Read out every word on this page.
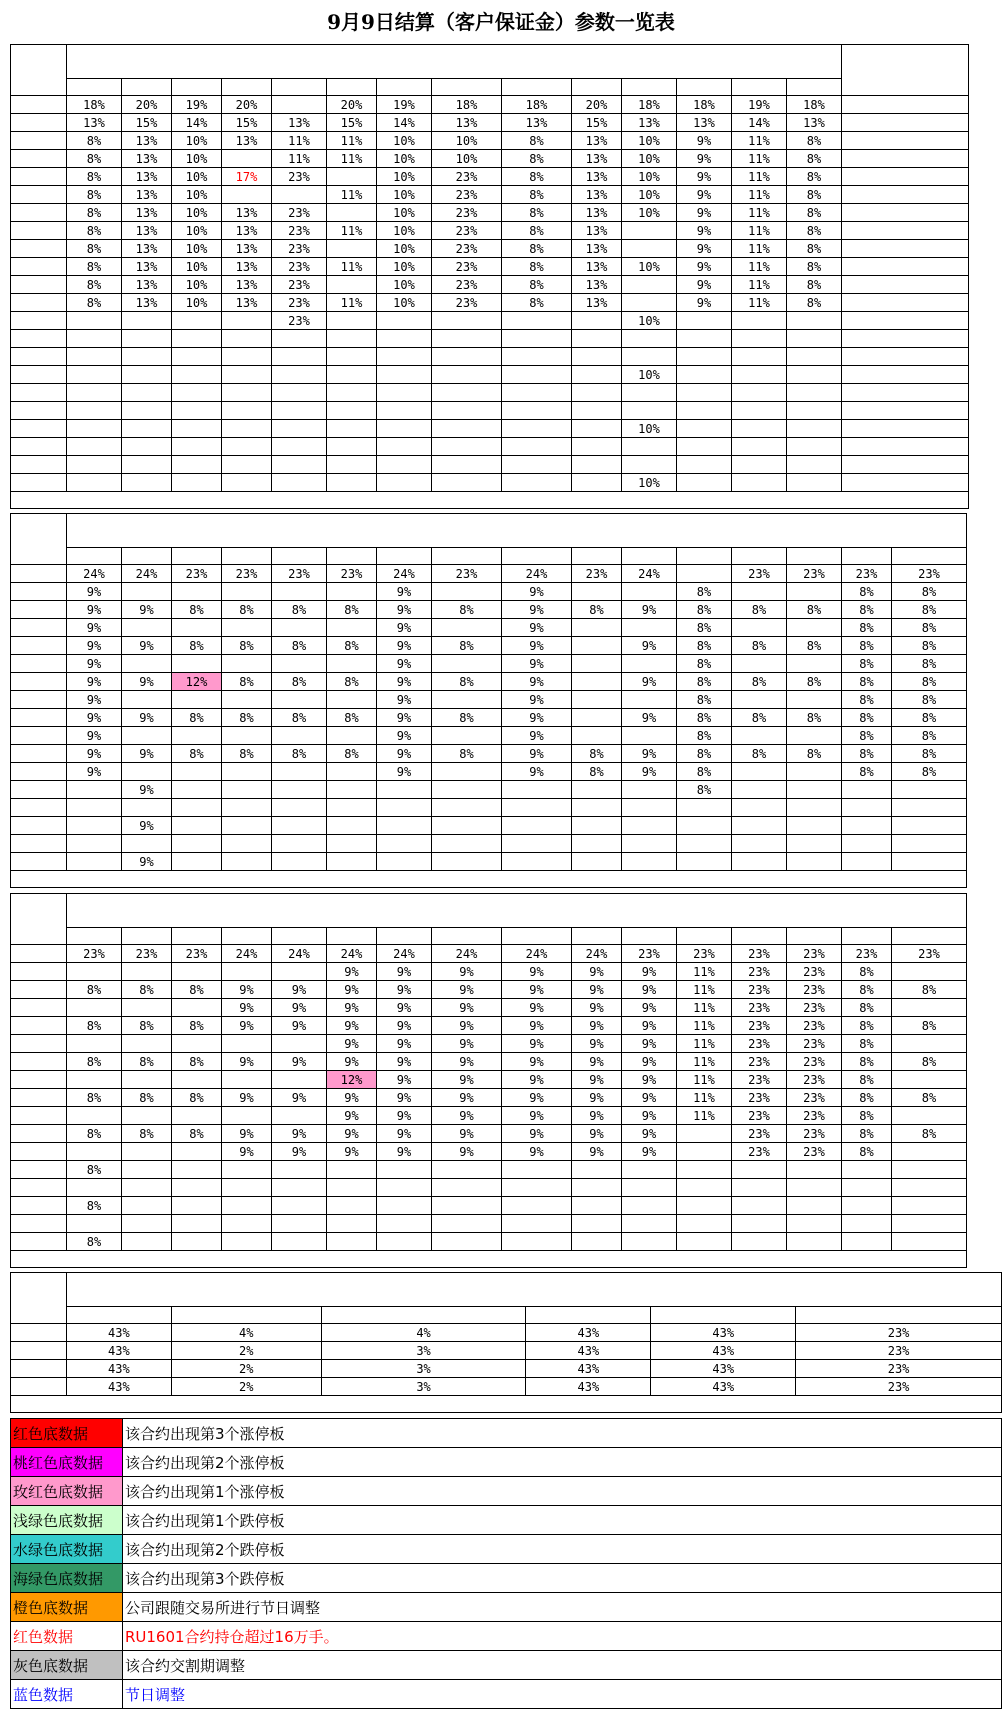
9月9日结算（客户保证金）参数一览表

	18%	20%	19%	20%		20%	19%	18%	18%	20%	18%	18%	19%	18%	
	13%	15%	14%	15%	13%	15%	14%	13%	13%	15%	13%	13%	14%	13%	
	8%	13%	10%	13%	11%	11%	10%	10%	8%	13%	10%	9%	11%	8%	
	8%	13%	10%		11%	11%	10%	10%	8%	13%	10%	9%	11%	8%	
	8%	13%	10%	17%	23%		10%	23%	8%	13%	10%	9%	11%	8%	
	8%	13%	10%			11%	10%	23%	8%	13%	10%	9%	11%	8%	
	8%	13%	10%	13%	23%		10%	23%	8%	13%	10%	9%	11%	8%	
	8%	13%	10%	13%	23%	11%	10%	23%	8%	13%		9%	11%	8%	
	8%	13%	10%	13%	23%		10%	23%	8%	13%		9%	11%	8%	
	8%	13%	10%	13%	23%	11%	10%	23%	8%	13%	10%	9%	11%	8%	
	8%	13%	10%	13%	23%		10%	23%	8%	13%		9%	11%	8%	
	8%	13%	10%	13%	23%	11%	10%	23%	8%	13%		9%	11%	8%	
					23%						10%				

											10%				

											10%				

											10%				

	24%	24%	23%	23%	23%	23%	24%	23%	24%	23%	24%		23%	23%	23%	23%
	9%						9%		9%			8%			8%	8%
	9%	9%	8%	8%	8%	8%	9%	8%	9%	8%	9%	8%	8%	8%	8%	8%
	9%						9%		9%			8%			8%	8%
	9%	9%	8%	8%	8%	8%	9%	8%	9%		9%	8%	8%	8%	8%	8%
	9%						9%		9%			8%			8%	8%
	9%	9%	12%	8%	8%	8%	9%	8%	9%		9%	8%	8%	8%	8%	8%
	9%						9%		9%			8%			8%	8%
	9%	9%	8%	8%	8%	8%	9%	8%	9%		9%	8%	8%	8%	8%	8%
	9%						9%		9%			8%			8%	8%
	9%	9%	8%	8%	8%	8%	9%	8%	9%	8%	9%	8%	8%	8%	8%	8%
	9%						9%		9%	8%	9%	8%			8%	8%
		9%										8%				

		9%														

		9%														

	23%	23%	23%	24%	24%	24%	24%	24%	24%	24%	23%	23%	23%	23%	23%	23%
						9%	9%	9%	9%	9%	9%	11%	23%	23%	8%	
	8%	8%	8%	9%	9%	9%	9%	9%	9%	9%	9%	11%	23%	23%	8%	8%
				9%	9%	9%	9%	9%	9%	9%	9%	11%	23%	23%	8%	
	8%	8%	8%	9%	9%	9%	9%	9%	9%	9%	9%	11%	23%	23%	8%	8%
						9%	9%	9%	9%	9%	9%	11%	23%	23%	8%	
	8%	8%	8%	9%	9%	9%	9%	9%	9%	9%	9%	11%	23%	23%	8%	8%
						12%	9%	9%	9%	9%	9%	11%	23%	23%	8%	
	8%	8%	8%	9%	9%	9%	9%	9%	9%	9%	9%	11%	23%	23%	8%	8%
						9%	9%	9%	9%	9%	9%	11%	23%	23%	8%	
	8%	8%	8%	9%	9%	9%	9%	9%	9%	9%	9%		23%	23%	8%	8%
				9%	9%	9%	9%	9%	9%	9%	9%		23%	23%	8%	
	8%															

	8%															

	8%															

	43%	4%	4%	43%	43%	23%
	43%	2%	3%	43%	43%	23%
	43%	2%	3%	43%	43%	23%
	43%	2%	3%	43%	43%	23%

红色底数据	该合约出现第3个涨停板
桃红色底数据	该合约出现第2个涨停板
玫红色底数据	该合约出现第1个涨停板
浅绿色底数据	该合约出现第1个跌停板
水绿色底数据	该合约出现第2个跌停板
海绿色底数据	该合约出现第3个跌停板
橙色底数据	公司跟随交易所进行节日调整
红色数据	RU1601合约持仓超过16万手。
灰色底数据	该合约交割期调整
蓝色数据	节日调整
